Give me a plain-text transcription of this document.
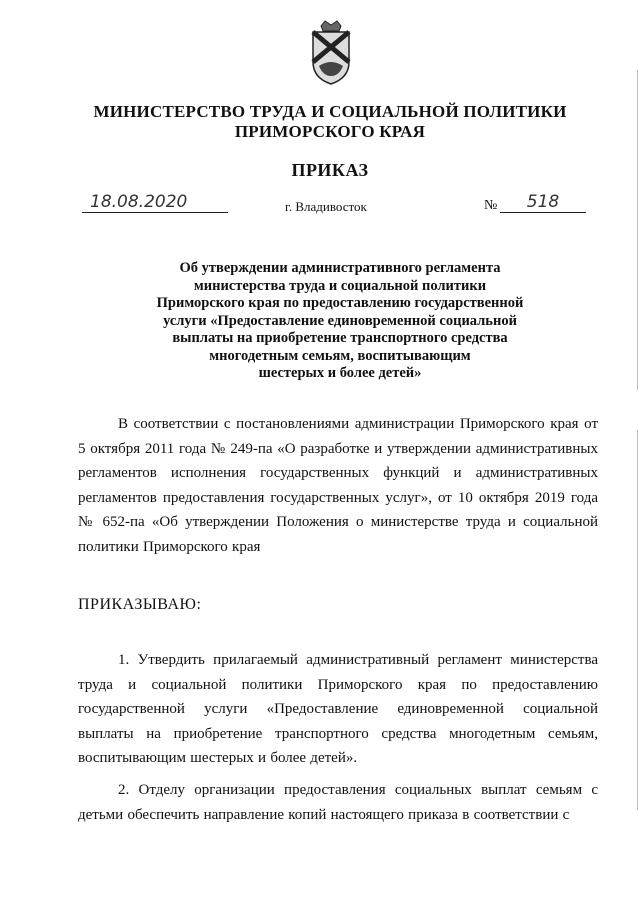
МИНИСТЕРСТВО ТРУДА И СОЦИАЛЬНОЙ ПОЛИТИКИ
ПРИМОРСКОГО КРАЯ
ПРИКАЗ
18.08.2020	г. Владивосток	№	518
Об утверждении административного регламента
министерства труда и социальной политики
Приморского края по предоставлению государственной
услуги «Предоставление единовременной социальной
выплаты на приобретение транспортного средства
многодетным семьям, воспитывающим
шестерых и более детей»
В соответствии с постановлениями администрации Приморского края от 5 октября 2011 года № 249-па «О разработке и утверждении административных регламентов исполнения государственных функций и административных регламентов предоставления государственных услуг», от 10 октября 2019 года № 652-па «Об утверждении Положения о министерстве труда и социальной политики Приморского края
ПРИКАЗЫВАЮ:
1. Утвердить прилагаемый административный регламент министерства труда и социальной политики Приморского края по предоставлению государственной услуги «Предоставление единовременной социальной выплаты на приобретение транспортного средства многодетным семьям, воспитывающим шестерых и более детей».
2. Отделу организации предоставления социальных выплат семьям с детьми обеспечить направление копий настоящего приказа в соответствии с
